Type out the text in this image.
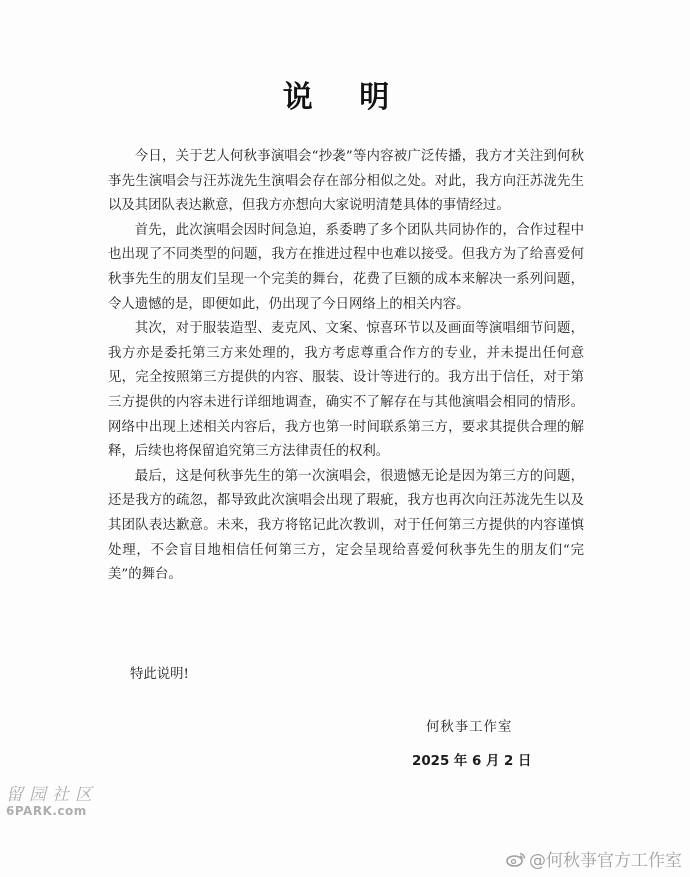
说 明

今日，关于艺人何秋亊演唱会“抄袭”等内容被广泛传播，我方才关注到何秋亊先生演唱会与汪苏泷先生演唱会存在部分相似之处。对此，我方向汪苏泷先生以及其团队表达歉意，但我方亦想向大家说明清楚具体的事情经过。

首先，此次演唱会因时间急迫，系委聘了多个团队共同协作的，合作过程中也出现了不同类型的问题，我方在推进过程中也难以接受。但我方为了给喜爱何秋亊先生的朋友们呈现一个完美的舞台，花费了巨额的成本来解决一系列问题，令人遗憾的是，即便如此，仍出现了今日网络上的相关内容。

其次，对于服装造型、麦克风、文案、惊喜环节以及画面等演唱细节问题，我方亦是委托第三方来处理的，我方考虑尊重合作方的专业，并未提出任何意见，完全按照第三方提供的内容、服装、设计等进行的。我方出于信任，对于第三方提供的内容未进行详细地调查，确实不了解存在与其他演唱会相同的情形。网络中出现上述相关内容后，我方也第一时间联系第三方，要求其提供合理的解释，后续也将保留追究第三方法律责任的权利。

最后，这是何秋亊先生的第一次演唱会，很遗憾无论是因为第三方的问题，还是我方的疏忽，都导致此次演唱会出现了瑕疵，我方也再次向汪苏泷先生以及其团队表达歉意。未来，我方将铭记此次教训，对于任何第三方提供的内容谨慎处理，不会盲目地相信任何第三方，定会呈现给喜爱何秋亊先生的朋友们“完美”的舞台。

特此说明!
何秋亊工作室
2025 年 6 月 2 日
留园社区
6PARK.com
@何秋亊官方工作室
